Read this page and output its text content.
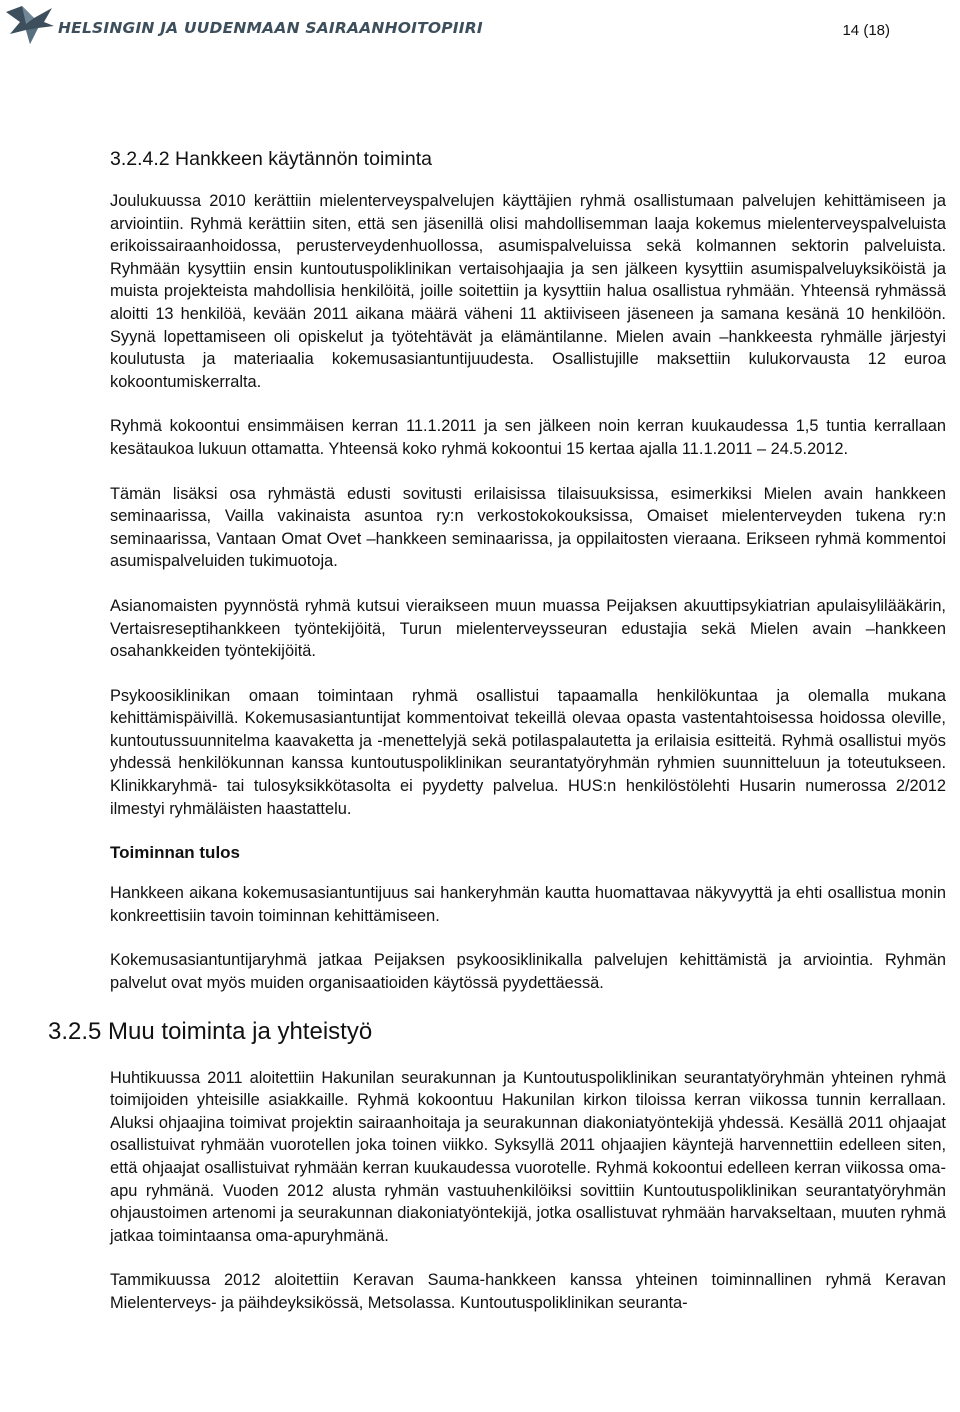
HELSINGIN JA UUDENMAAN SAIRAANHOITOPIIRI	14 (18)
3.2.4.2 Hankkeen käytännön toiminta

Joulukuussa 2010 kerättiin mielenterveyspalvelujen käyttäjien ryhmä osallistumaan palvelujen kehittämiseen ja arviointiin. Ryhmä kerättiin siten, että sen jäsenillä olisi mahdollisemman laaja kokemus mielenterveyspalveluista erikoissairaanhoidossa, perusterveydenhuollossa, asumispalveluissa sekä kolmannen sektorin palveluista. Ryhmään kysyttiin ensin kuntoutuspoliklinikan vertaisohjaajia ja sen jälkeen kysyttiin asumispalveluyksiköistä ja muista projekteista mahdollisia henkilöitä, joille soitettiin ja kysyttiin halua osallistua ryhmään. Yhteensä ryhmässä aloitti 13 henkilöä, kevään 2011 aikana määrä väheni 11 aktiiviseen jäseneen ja samana kesänä 10 henkilöön. Syynä lopettamiseen oli opiskelut ja työtehtävät ja elämäntilanne. Mielen avain –hankkeesta ryhmälle järjestyi koulutusta ja materiaalia kokemusasiantuntijuudesta. Osallistujille maksettiin kulukorvausta 12 euroa kokoontumiskerralta.

Ryhmä kokoontui ensimmäisen kerran 11.1.2011 ja sen jälkeen noin kerran kuukaudessa 1,5 tuntia kerrallaan kesätaukoa lukuun ottamatta. Yhteensä koko ryhmä kokoontui 15 kertaa ajalla 11.1.2011 – 24.5.2012.

Tämän lisäksi osa ryhmästä edusti sovitusti erilaisissa tilaisuuksissa, esimerkiksi Mielen avain hankkeen seminaarissa, Vailla vakinaista asuntoa ry:n verkostokokouksissa, Omaiset mielenterveyden tukena ry:n seminaarissa, Vantaan Omat Ovet –hankkeen seminaarissa, ja oppilaitosten vieraana. Erikseen ryhmä kommentoi asumispalveluiden tukimuotoja.

Asianomaisten pyynnöstä ryhmä kutsui vieraikseen muun muassa Peijaksen akuuttipsykiatrian apulaisylilääkärin, Vertaisreseptihankkeen työntekijöitä, Turun mielenterveysseuran edustajia sekä Mielen avain –hankkeen osahankkeiden työntekijöitä.

Psykoosiklinikan omaan toimintaan ryhmä osallistui tapaamalla henkilökuntaa ja olemalla mukana kehittämispäivillä. Kokemusasiantuntijat kommentoivat tekeillä olevaa opasta vastentahtoisessa hoidossa oleville, kuntoutussuunnitelma kaavaketta ja -menettelyjä sekä potilaspalautetta ja erilaisia esitteitä. Ryhmä osallistui myös yhdessä henkilökunnan kanssa kuntoutuspoliklinikan seurantatyöryhmän ryhmien suunnitteluun ja toteutukseen. Klinikkaryhmä- tai tulosyksikkötasolta ei pyydetty palvelua. HUS:n henkilöstölehti Husarin numerossa 2/2012 ilmestyi ryhmäläisten haastattelu.

Toiminnan tulos

Hankkeen aikana kokemusasiantuntijuus sai hankeryhmän kautta huomattavaa näkyvyyttä ja ehti osallistua monin konkreettisiin tavoin toiminnan kehittämiseen.

Kokemusasiantuntijaryhmä jatkaa Peijaksen psykoosiklinikalla palvelujen kehittämistä ja arviointia. Ryhmän palvelut ovat myös muiden organisaatioiden käytössä pyydettäessä.

3.2.5 Muu toiminta ja yhteistyö

Huhtikuussa 2011 aloitettiin Hakunilan seurakunnan ja Kuntoutuspoliklinikan seurantatyöryhmän yhteinen ryhmä toimijoiden yhteisille asiakkaille. Ryhmä kokoontuu Hakunilan kirkon tiloissa kerran viikossa tunnin kerrallaan. Aluksi ohjaajina toimivat projektin sairaanhoitaja ja seurakunnan diakoniatyöntekijä yhdessä. Kesällä 2011 ohjaajat osallistuivat ryhmään vuorotellen joka toinen viikko. Syksyllä 2011 ohjaajien käyntejä harvennettiin edelleen siten, että ohjaajat osallistuivat ryhmään kerran kuukaudessa vuorotelle. Ryhmä kokoontui edelleen kerran viikossa oma-apu ryhmänä. Vuoden 2012 alusta ryhmän vastuuhenkilöiksi sovittiin Kuntoutuspoliklinikan seurantatyöryhmän ohjaustoimen artenomi ja seurakunnan diakoniatyöntekijä, jotka osallistuvat ryhmään harvakseltaan, muuten ryhmä jatkaa toimintaansa oma-apuryhmänä.

Tammikuussa 2012 aloitettiin Keravan Sauma-hankkeen kanssa yhteinen toiminnallinen ryhmä Keravan Mielenterveys- ja päihdeyksikössä, Metsolassa. Kuntoutuspoliklinikan seuranta-
